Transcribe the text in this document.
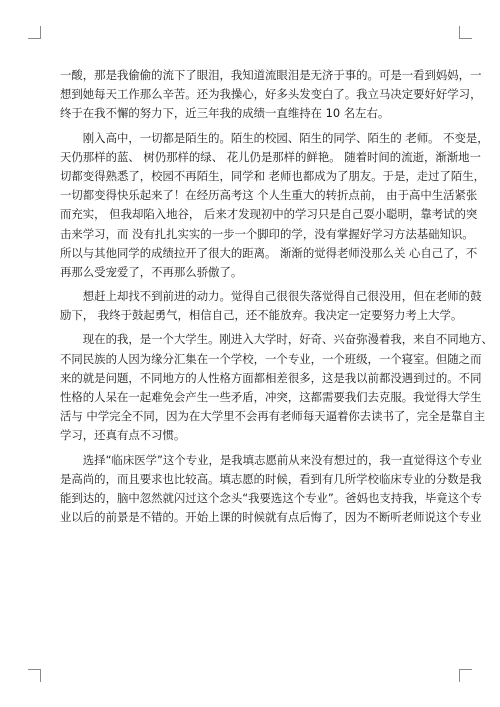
一酸，那是我偷偷的流下了眼泪，我知道流眼泪是无济于事的。可是一看到妈妈，一
想到她每天工作那么辛苦。还为我操心，好多头发变白了。我立马决定要好好学习，
终于在我不懈的努力下，近三年我的成绩一直维持在 10 名左右。
　　刚入高中，一切都是陌生的。陌生的校园、陌生的同学、陌生的 老师。 不变是，
天仍那样的蓝、 树仍那样的绿、 花儿仍是那样的鲜艳。 随着时间的流逝，渐渐地一
切都变得熟悉了，校园不再陌生，同学和 老师也都成为了朋友。于是，走过了陌生，
一切都变得快乐起来了！在经历高考这 个人生重大的转折点前， 由于高中生活紧张
而充实， 但我却陷入地谷， 后来才发现初中的学习只是自己耍小聪明，靠考试的突
击来学习，而 没有扎扎实实的一步一个脚印的学，没有掌握好学习方法基础知识。
所以与其他同学的成绩拉开了很大的距离。 渐渐的觉得老师没那么关 心自己了，不
再那么受宠爱了，不再那么骄傲了。
　　想赶上却找不到前进的动力。觉得自己很很失落觉得自己很没用，但在老师的鼓
励下， 我终于鼓起勇气，相信自己，还不能放弃。我决定一定要努力考上大学。
　　现在的我，是一个大学生。刚进入大学时，好奇、兴奋弥漫着我，来自不同地方、
不同民族的人因为缘分汇集在一个学校，一个专业，一个班级，一个寝室。但随之而
来的就是问题，不同地方的人性格方面都相差很多，这是我以前都没遇到过的。不同
性格的人呆在一起难免会产生一些矛盾，冲突，这都需要我们去克服。我觉得大学生
活与 中学完全不同，因为在大学里不会再有老师每天逼着你去读书了，完全是靠自主
学习，还真有点不习惯。
　　选择“临床医学”这个专业，是我填志愿前从来没有想过的，我一直觉得这个专业
是高尚的，而且要求也比较高。填志愿的时候，看到有几所学校临床专业的分数是我
能到达的，脑中忽然就闪过这个念头“我要选这个专业”。爸妈也支持我，毕竟这个专
业以后的前景是不错的。开始上课的时候就有点后悔了，因为不断听老师说这个专业
